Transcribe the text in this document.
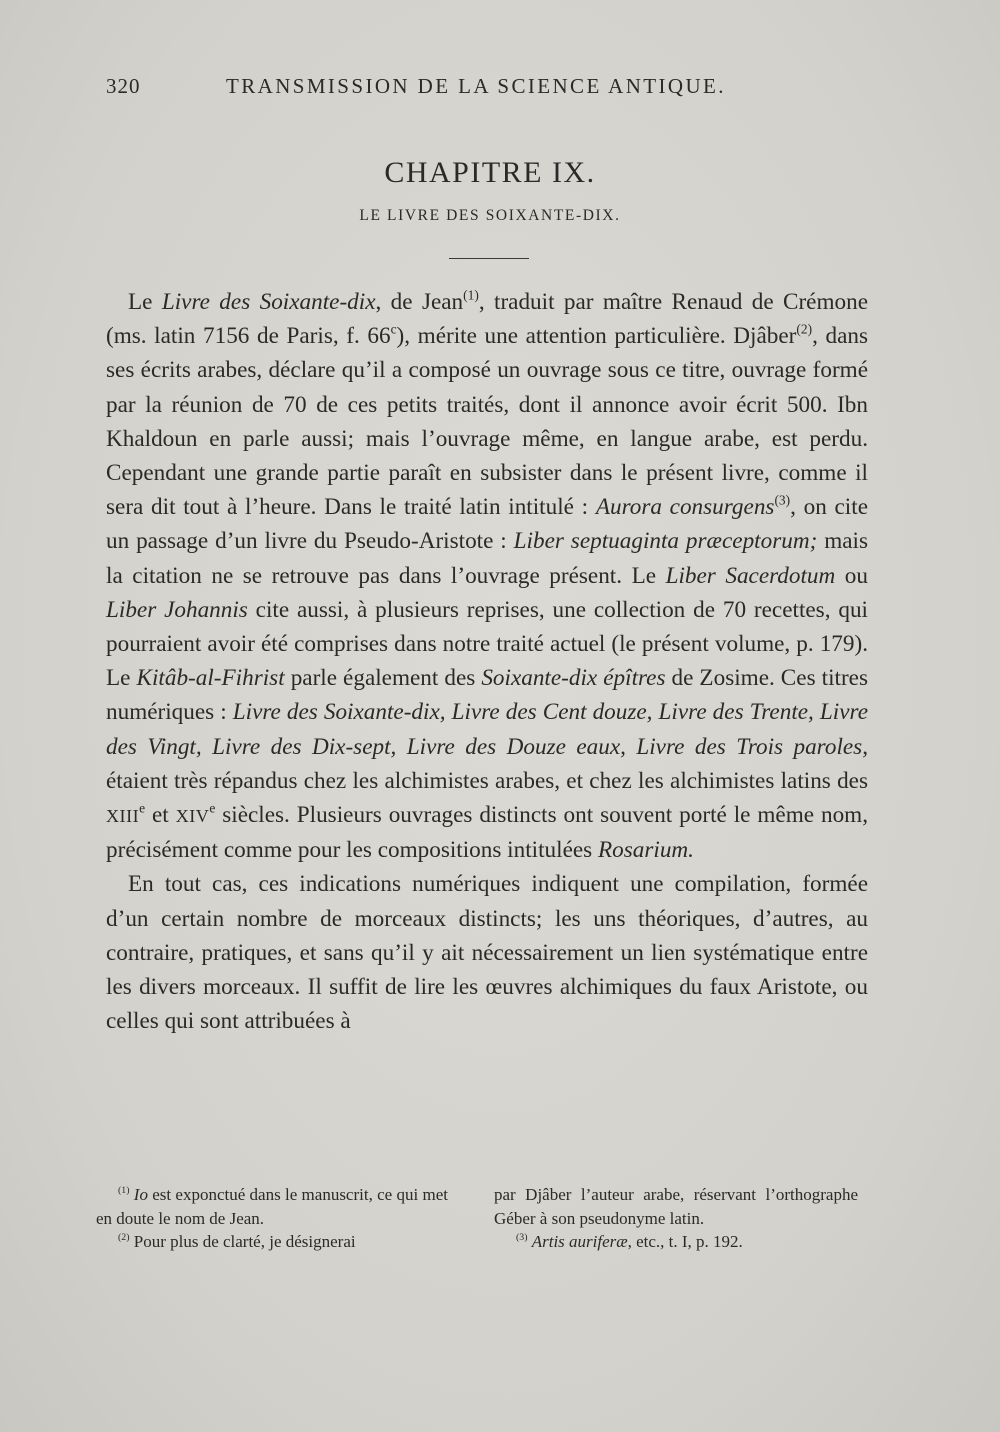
320	TRANSMISSION DE LA SCIENCE ANTIQUE.
CHAPITRE IX.
LE LIVRE DES SOIXANTE-DIX.

Le Livre des Soixante-dix, de Jean$^{(1)}$, traduit par maître Renaud de Crémone (ms. latin 7156 de Paris, f. 66$^c$), mérite une attention particulière. Djâber$^{(2)}$, dans ses écrits arabes, déclare qu’il a composé un ouvrage sous ce titre, ouvrage formé par la réunion de 70 de ces petits traités, dont il annonce avoir écrit 500. Ibn Khaldoun en parle aussi; mais l’ouvrage même, en langue arabe, est perdu. Cependant une grande partie paraît en subsister dans le présent livre, comme il sera dit tout à l’heure. Dans le traité latin intitulé : Aurora consurgens$^{(3)}$, on cite un passage d’un livre du Pseudo-Aristote : Liber septuaginta præceptorum; mais la citation ne se retrouve pas dans l’ouvrage présent. Le Liber Sacerdotum ou Liber Johannis cite aussi, à plusieurs reprises, une collection de 70 recettes, qui pourraient avoir été comprises dans notre traité actuel (le présent volume, p. 179). Le Kitâb-al-Fihrist parle également des Soixante-dix épîtres de Zosime. Ces titres numériques : Livre des Soixante-dix, Livre des Cent douze, Livre des Trente, Livre des Vingt, Livre des Dix-sept, Livre des Douze eaux, Livre des Trois paroles, étaient très répandus chez les alchimistes arabes, et chez les alchimistes latins des XIIIe et XIVe siècles. Plusieurs ouvrages distincts ont souvent porté le même nom, précisément comme pour les compositions intitulées Rosarium.

En tout cas, ces indications numériques indiquent une compilation, formée d’un certain nombre de morceaux distincts; les uns théoriques, d’autres, au contraire, pratiques, et sans qu’il y ait nécessairement un lien systématique entre les divers morceaux. Il suffit de lire les œuvres alchimiques du faux Aristote, ou celles qui sont attribuées à

$^{(1)}$ Io est exponctué dans le manuscrit, ce qui met en doute le nom de Jean.

$^{(2)}$ Pour plus de clarté, je désignerai

par Djâber l’auteur arabe, réservant l’orthographe Géber à son pseudonyme latin.

$^{(3)}$ Artis auriferæ, etc., t. I, p. 192.
